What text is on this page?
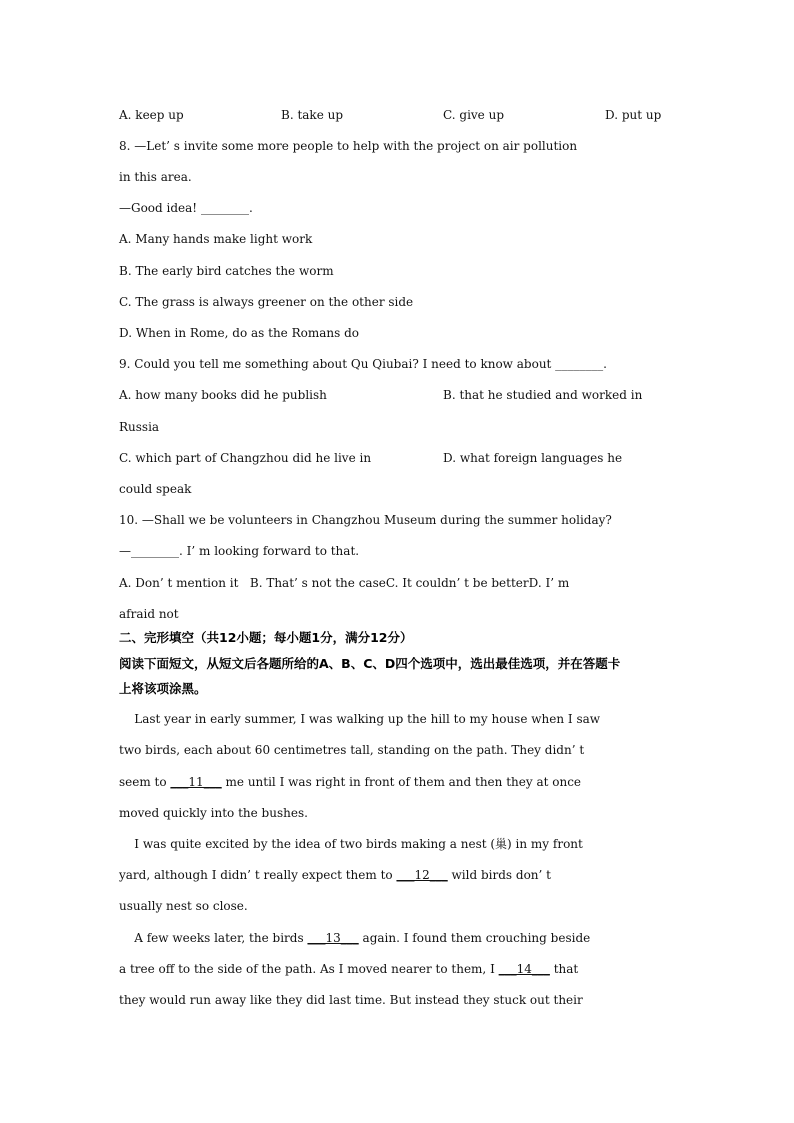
A. keep up	B. take up	C. give up	D. put up

8. —Let’ s invite some more people to help with the project on air pollution

in this area.

—Good idea! ________.

A. Many hands make light work

B. The early bird catches the worm

C. The grass is always greener on the other side

D. When in Rome, do as the Romans do

9. Could you tell me something about Qu Qiubai? I need to know about ________.

A. how many books did he publish	B. that he studied and worked in

Russia

C. which part of Changzhou did he live in	D. what foreign languages he

could speak

10. —Shall we be volunteers in Changzhou Museum during the summer holiday?

—________. I’ m looking forward to that.

A. Don’ t mention it   B. That’ s not the caseC. It couldn’ t be betterD. I’ m

afraid not

二、完形填空（共12小题；每小题1分，满分12分）

阅读下面短文，从短文后各题所给的A、B、C、D四个选项中，选出最佳选项，并在答题卡

上将该项涂黑。

Last year in early summer, I was walking up the hill to my house when I saw

two birds, each about 60 centimetres tall, standing on the path. They didn’ t

seem to ___11___ me until I was right in front of them and then they at once

moved quickly into the bushes.

I was quite excited by the idea of two birds making a nest (巢) in my front

yard, although I didn’ t really expect them to ___12___ wild birds don’ t

usually nest so close.

A few weeks later, the birds ___13___ again. I found them crouching beside

a tree off to the side of the path. As I moved nearer to them, I ___14___ that

they would run away like they did last time. But instead they stuck out their
